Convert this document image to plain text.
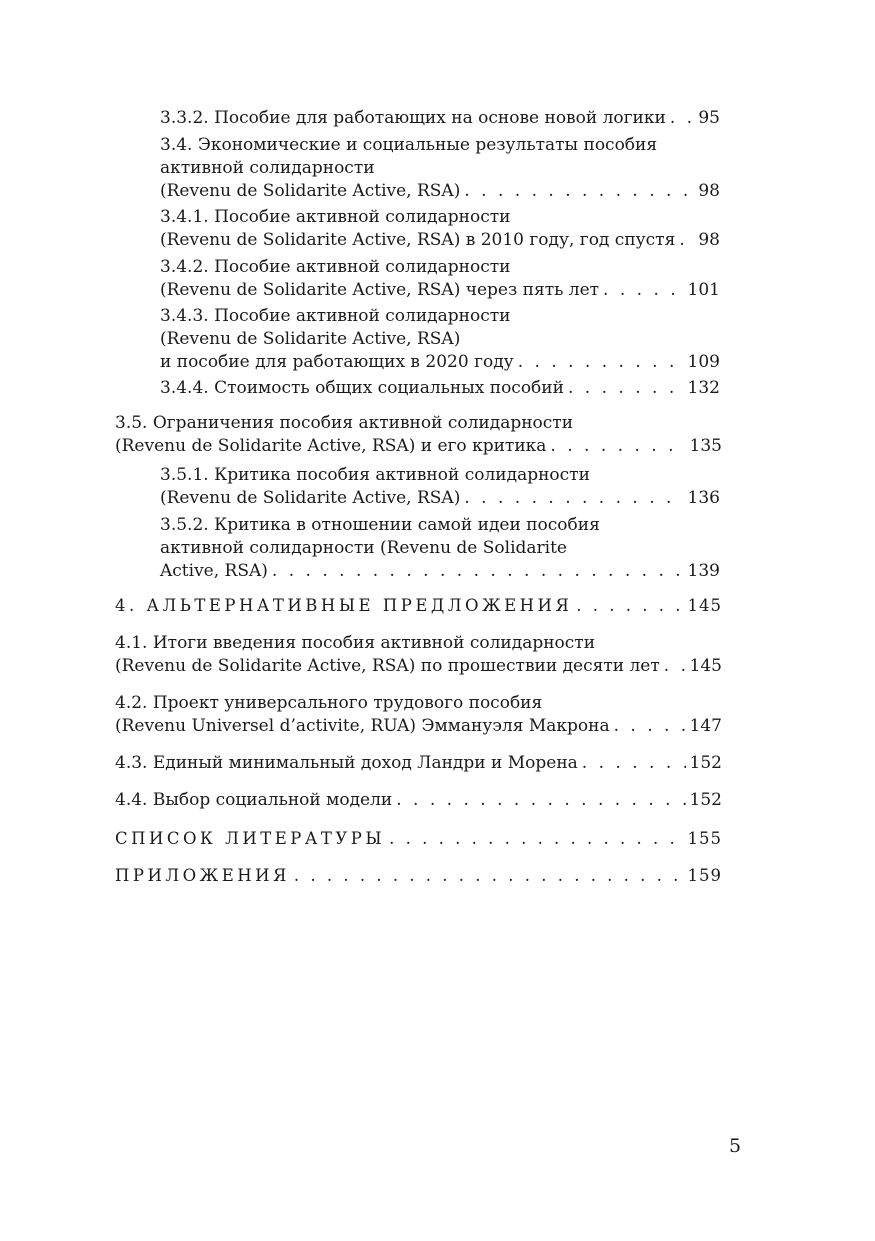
3.3.2. Пособие для работающих на основе новой логики . . . 95
3.4. Экономические и социальные результаты пособия
активной солидарности
(Revenu de Solidarite Active, RSA) . . .	98
3.4.1. Пособие активной солидарности
(Revenu de Solidarite Active, RSA) в 2010 году, год спустя . . . 98
3.4.2. Пособие активной солидарности
(Revenu de Solidarite Active, RSA) через пять лет . . .	101
3.4.3. Пособие активной солидарности
(Revenu de Solidarite Active, RSA)
и пособие для работающих в 2020 году . . .	109
3.4.4. Стоимость общих социальных пособий . . .	132
3.5. Ограничения пособия активной солидарности
(Revenu de Solidarite Active, RSA) и его критика . . .	135
3.5.1. Критика пособия активной солидарности
(Revenu de Solidarite Active, RSA) . . .	136
3.5.2. Критика в отношении самой идеи пособия
активной солидарности (Revenu de Solidarite
Active, RSA) . . .	139
4. АЛЬТЕРНАТИВНЫЕ ПРЕДЛОЖЕНИЯ . . .	145
4.1. Итоги введения пособия активной солидарности
(Revenu de Solidarite Active, RSA) по прошествии десяти лет . . . 145
4.2. Проект универсального трудового пособия
(Revenu Universel d’activite, RUA) Эммануэля Макрона . . .	147
4.3. Единый минимальный доход Ландри и Морена . . .	152
4.4. Выбор социальной модели . . .	152
СПИСОК ЛИТЕРАТУРЫ . . .	155
ПРИЛОЖЕНИЯ . . .	159
5
